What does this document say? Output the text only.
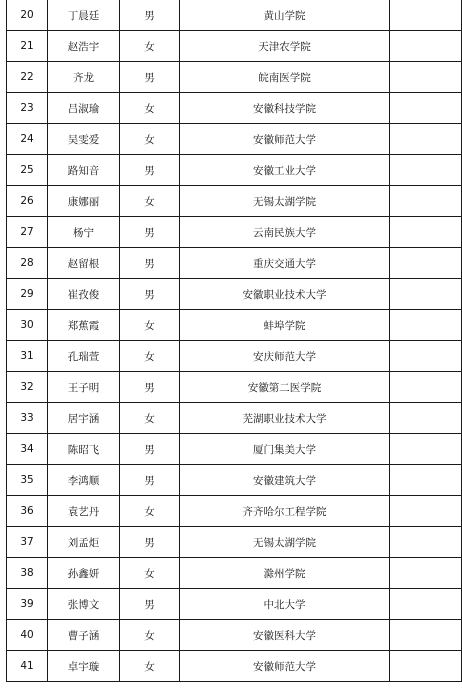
20	丁晨廷	男	黄山学院	
21	赵浩宇	女	天津农学院	
22	齐龙	男	皖南医学院	
23	吕淑瑜	女	安徽科技学院	
24	吴雯爱	女	安徽师范大学	
25	路知音	男	安徽工业大学	
26	康娜丽	女	无锡太湖学院	
27	杨宁	男	云南民族大学	
28	赵留根	男	重庆交通大学	
29	崔孜俊	男	安徽职业技术大学	
30	郑蕉霞	女	蚌埠学院	
31	孔瑞萱	女	安庆师范大学	
32	王子明	男	安徽第二医学院	
33	居宇涵	女	芜湖职业技术大学	
34	陈昭飞	男	厦门集美大学	
35	李鸿顺	男	安徽建筑大学	
36	袁艺丹	女	齐齐哈尔工程学院	
37	刘孟炬	男	无锡太湖学院	
38	孙鑫妍	女	滁州学院	
39	张博文	男	中北大学	
40	曹子涵	女	安徽医科大学	
41	卓宇璇	女	安徽师范大学	
